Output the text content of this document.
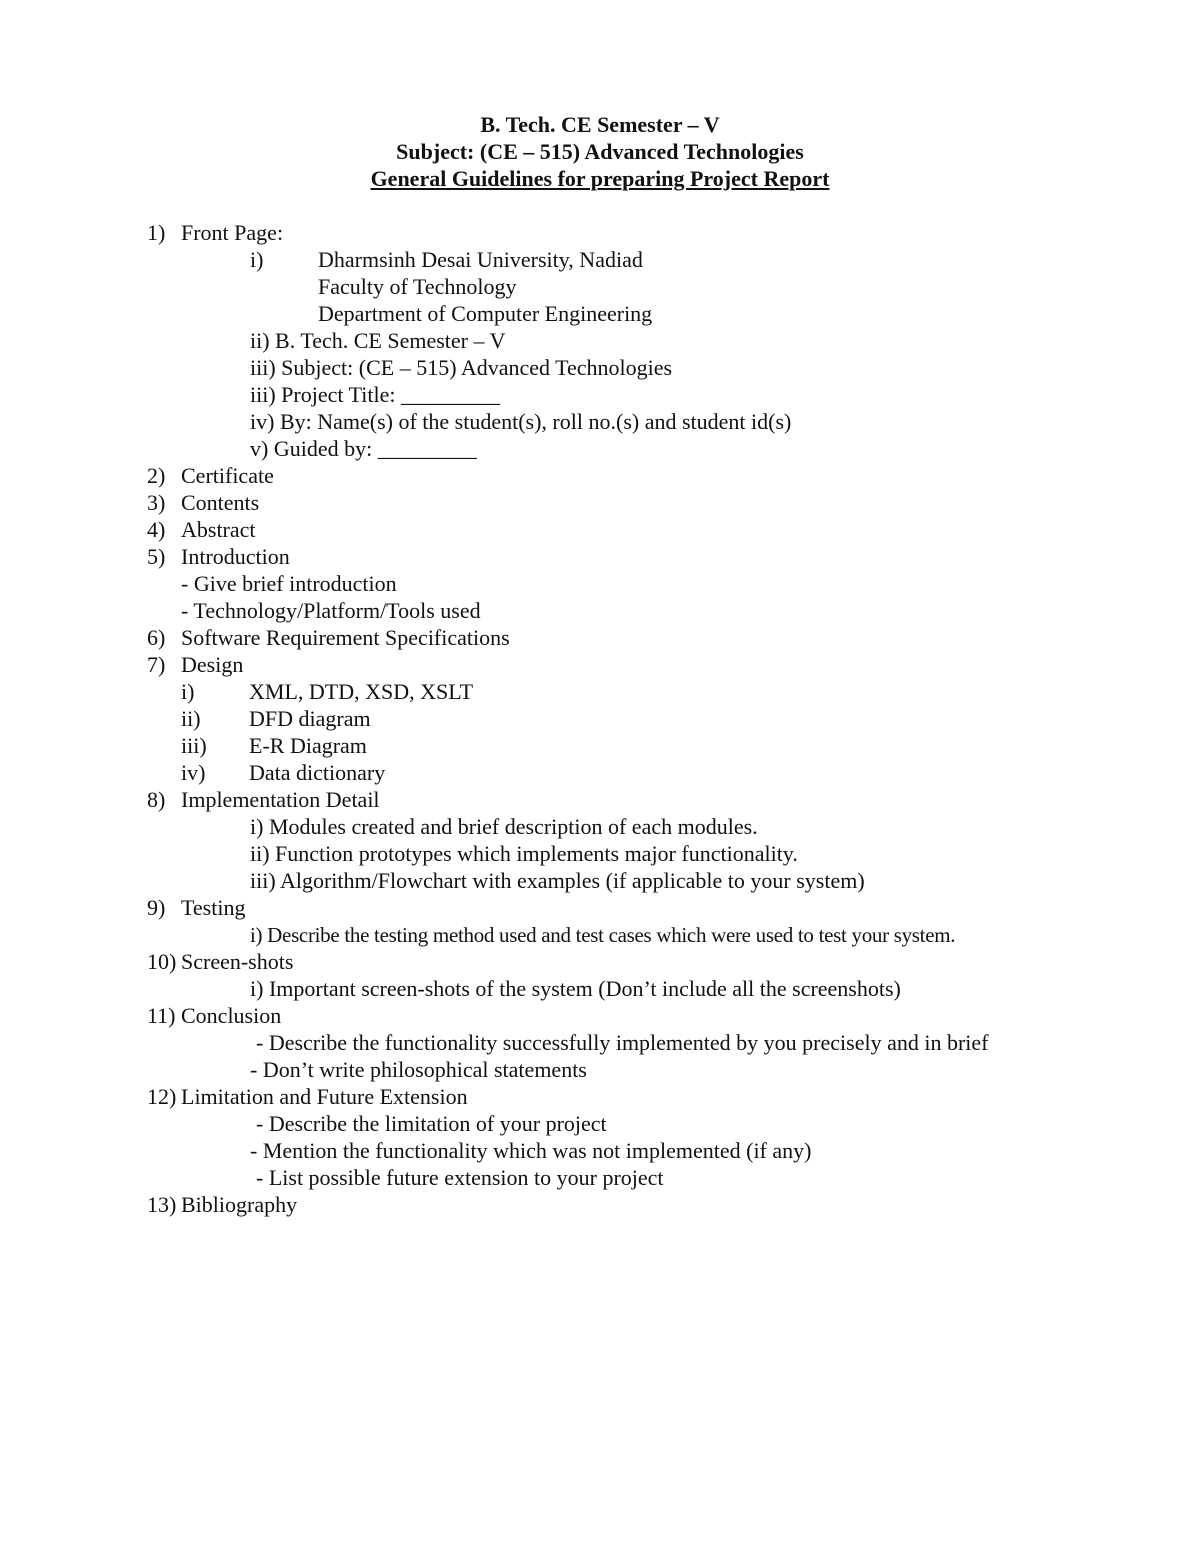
B. Tech. CE Semester – V
Subject: (CE – 515) Advanced Technologies
General Guidelines for preparing Project Report
1) Front Page:
i) Dharmsinh Desai University, Nadiad
Faculty of Technology
Department of Computer Engineering
ii) B. Tech. CE Semester – V
iii) Subject: (CE – 515) Advanced Technologies
iii) Project Title: _________
iv) By: Name(s) of the student(s), roll no.(s) and student id(s)
v) Guided by: _________
2) Certificate
3) Contents
4) Abstract
5) Introduction
- Give brief introduction
- Technology/Platform/Tools used
6) Software Requirement Specifications
7) Design
i) XML, DTD, XSD, XSLT
ii) DFD diagram
iii) E-R Diagram
iv) Data dictionary
8) Implementation Detail
i) Modules created and brief description of each modules.
ii) Function prototypes which implements major functionality.
iii) Algorithm/Flowchart with examples (if applicable to your system)
9) Testing
i) Describe the testing method used and test cases which were used to test your system.
10) Screen-shots
i) Important screen-shots of the system (Don’t include all the screenshots)
11) Conclusion
- Describe the functionality successfully implemented by you precisely and in brief
- Don’t write philosophical statements
12) Limitation and Future Extension
- Describe the limitation of your project
- Mention the functionality which was not implemented (if any)
- List possible future extension to your project
13) Bibliography
